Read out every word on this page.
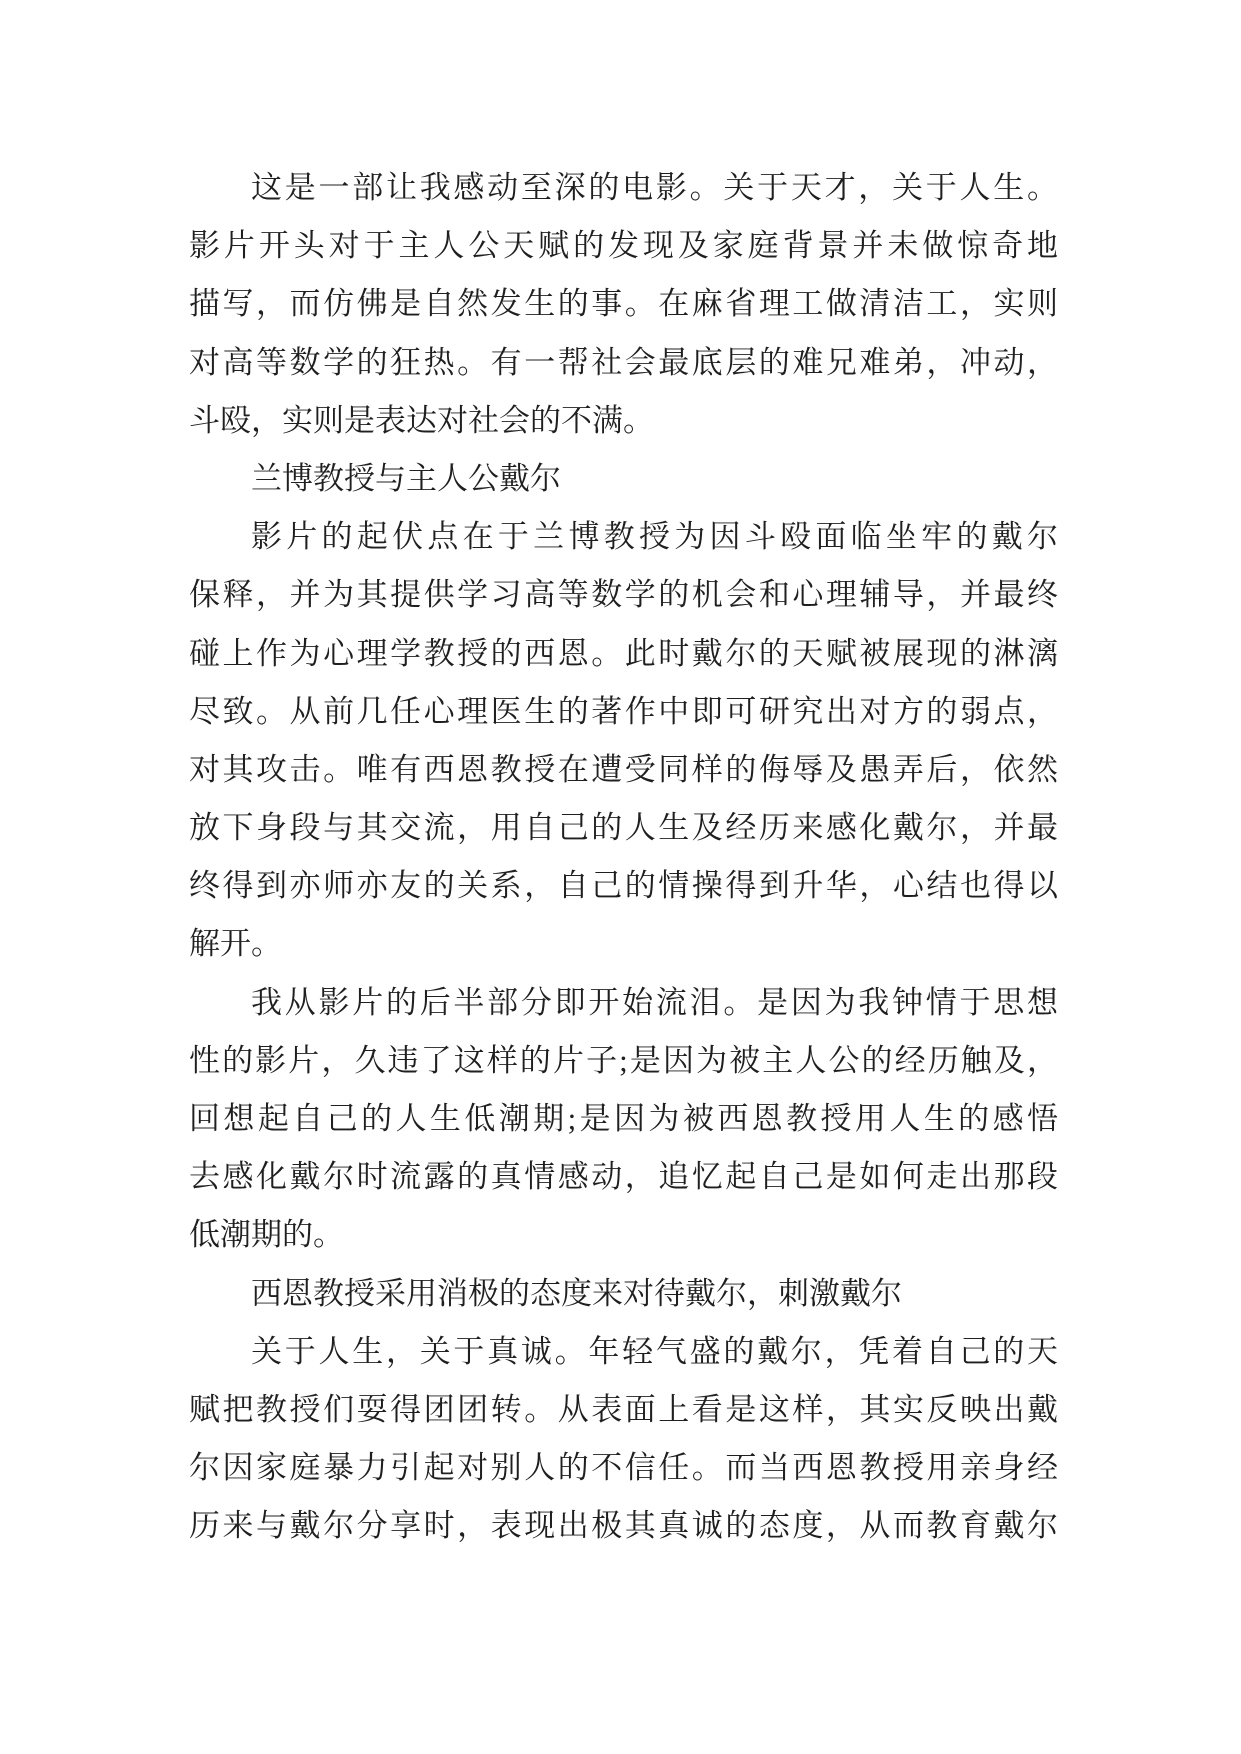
这是一部让我感动至深的电影。关于天才，关于人生。
影片开头对于主人公天赋的发现及家庭背景并未做惊奇地
描写，而仿佛是自然发生的事。在麻省理工做清洁工，实则
对高等数学的狂热。有一帮社会最底层的难兄难弟，冲动，
斗殴，实则是表达对社会的不满。
兰博教授与主人公戴尔
影片的起伏点在于兰博教授为因斗殴面临坐牢的戴尔
保释，并为其提供学习高等数学的机会和心理辅导，并最终
碰上作为心理学教授的西恩。此时戴尔的天赋被展现的淋漓
尽致。从前几任心理医生的著作中即可研究出对方的弱点，
对其攻击。唯有西恩教授在遭受同样的侮辱及愚弄后，依然
放下身段与其交流，用自己的人生及经历来感化戴尔，并最
终得到亦师亦友的关系，自己的情操得到升华，心结也得以
解开。
我从影片的后半部分即开始流泪。是因为我钟情于思想
性的影片，久违了这样的片子;是因为被主人公的经历触及，
回想起自己的人生低潮期;是因为被西恩教授用人生的感悟
去感化戴尔时流露的真情感动，追忆起自己是如何走出那段
低潮期的。
西恩教授采用消极的态度来对待戴尔，刺激戴尔
关于人生，关于真诚。年轻气盛的戴尔，凭着自己的天
赋把教授们耍得团团转。从表面上看是这样，其实反映出戴
尔因家庭暴力引起对别人的不信任。而当西恩教授用亲身经
历来与戴尔分享时，表现出极其真诚的态度，从而教育戴尔
